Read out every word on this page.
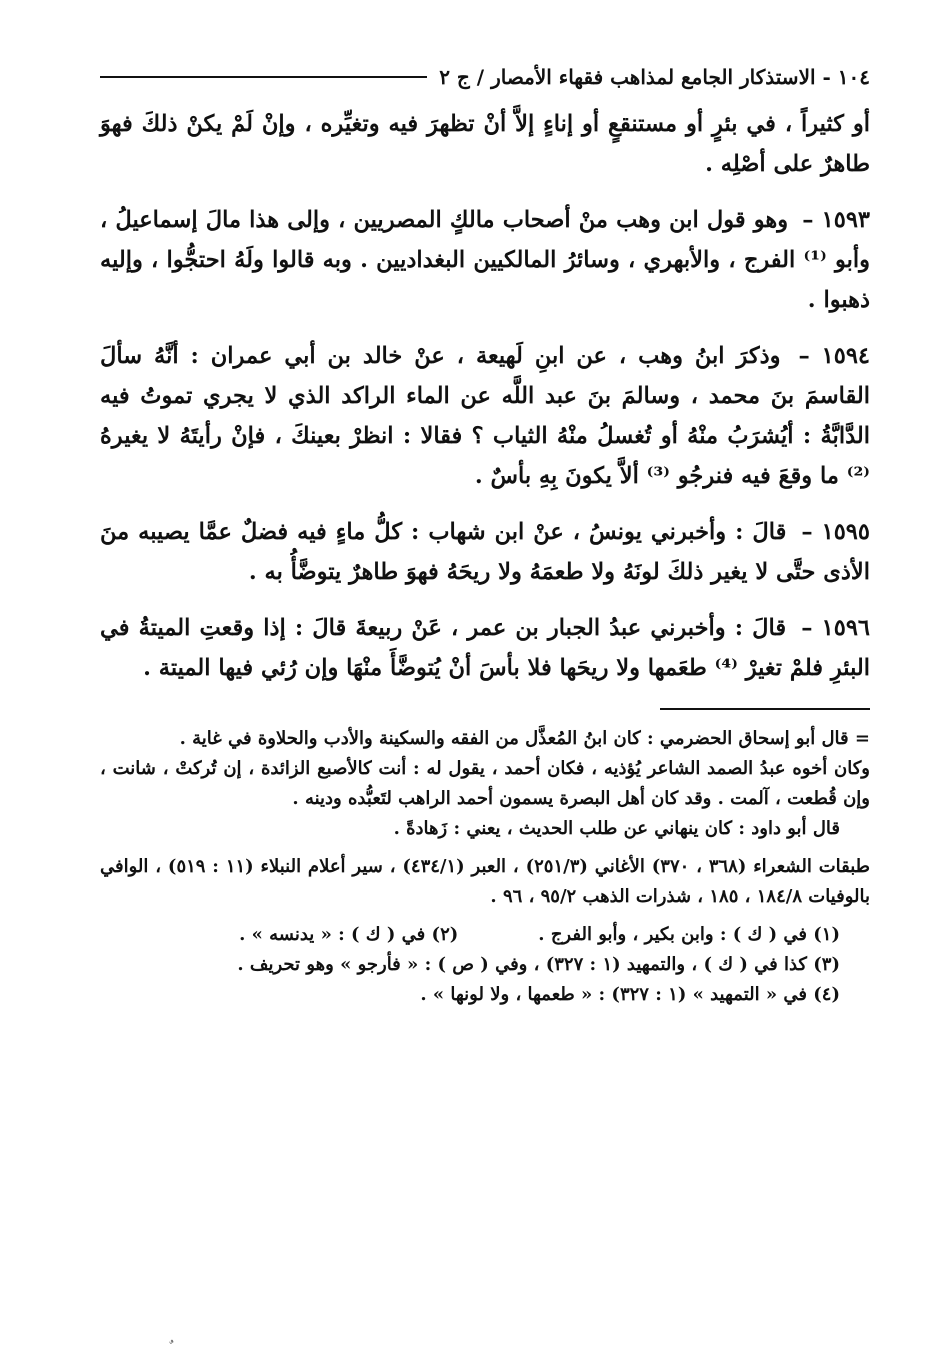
١٠٤ - الاستذكار الجامع لمذاهب فقهاء الأمصار / ج ٢

أو كثيراً ، في بئرٍ أو مستنقعٍ أو إناءٍ إلاَّ أنْ تظهرَ فيه وتغيِّره ، وإنْ لَمْ يكنْ ذلكَ فهوَ طاهرٌ على أصْلِه .

١٥٩٣ – وهو قول ابن وهب منْ أصحاب مالكٍ المصريين ، وإلى هذا مالَ إسماعيلُ ، وأبو ⁽¹⁾ الفرج ، والأبهري ، وسائرُ المالكيين البغداديين . وبه قالوا ولَهُ احتجُّوا ، وإليه ذهبوا .

١٥٩٤ – وذكرَ ابنُ وهب ، عن ابنِ لَهيعة ، عنْ خالد بن أبي عمران : أنَّهُ سألَ القاسمَ بنَ محمد ، وسالمَ بنَ عبد اللَّه عن الماء الراكد الذي لا يجري تموتُ فيه الدَّابَّةُ : أيُشرَبُ منْهُ أو تُغسلُ منْهُ الثياب ؟ فقالا : انظرْ بعينكَ ، فإنْ رأيتَهُ لا يغيرهُ ⁽²⁾ ما وقعَ فيه فنرجُو ⁽³⁾ ألاَّ يكونَ بِهِ بأسٌ .

١٥٩٥ – قالَ : وأخبرني يونسُ ، عنْ ابن شهاب : كلُّ ماءٍ فيه فضلٌ عمَّا يصيبه منَ الأذى حتَّى لا يغير ذلكَ لونَهُ ولا طعمَهُ ولا ريحَهُ فهوَ طاهرٌ يتوضَّأُ به .

١٥٩٦ – قالَ : وأخبرني عبدُ الجبار بن عمر ، عَنْ ربيعةَ قالَ : إذا وقعتِ الميتةُ في البئرِ فلمْ تغيرْ ⁽⁴⁾ طعَمها ولا ريحَها فلا بأسَ أنْ يُتوضَّأَ منْهَا وإن رُئي فيها الميتة .

= قال أبو إسحاق الحضرمي : كان ابنُ المُعذَّل من الفقه والسكينة والأدب والحلاوة في غاية .
وكان أخوه عبدُ الصمد الشاعر يُؤذيه ، فكان أحمد ، يقول له : أنت كالأصبع الزائدة ، إن تُركتْ ، شانت ، وإن قُطعت ، آلمت . وقد كان أهل البصرة يسمون أحمد الراهب لتَعبُّده ودينه .
قال أبو داود : كان ينهاني عن طلب الحديث ، يعني : زَهادةً .
طبقات الشعراء (٣٦٨ ، ٣٧٠) الأغاني (٢٥١/٣) ، العبر (٤٣٤/١) ، سير أعلام النبلاء (١١ : ٥١٩) ، الوافي بالوفيات ١٨٤/٨ ، ١٨٥ ، شذرات الذهب ٩٥/٢ ، ٩٦ .
(١) في ( ك ) : وابن بكير ، وأبو الفرج .
(٢) في ( ك ) : « يدنسه » .
(٣) كذا في ( ك ) ، والتمهيد (١ : ٣٢٧) ، وفي ( ص ) : « فأرجو » وهو تحريف .
(٤) في « التمهيد » (١ : ٣٢٧) : « طعمها ، ولا لونها » .
